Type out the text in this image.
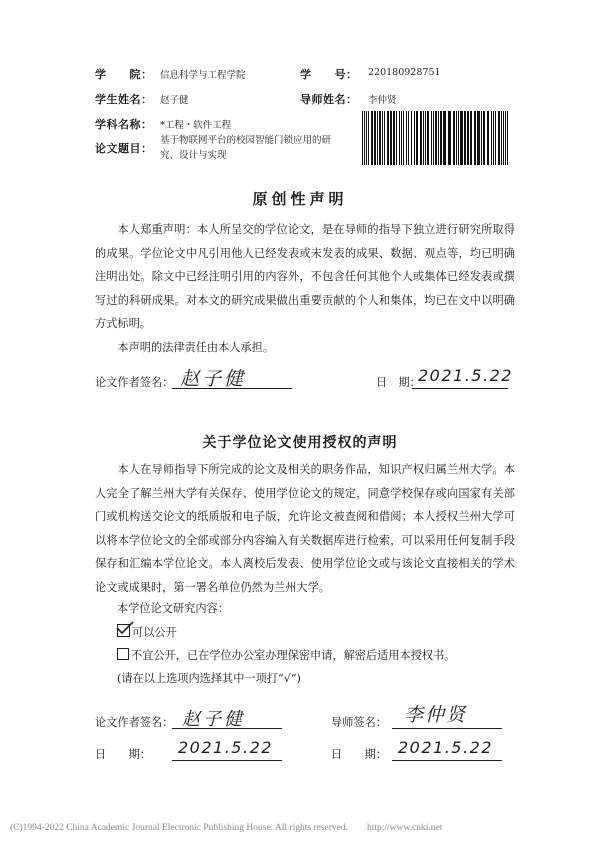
学　　院： 信息科学与工程学院	学　　号： 220180928751
学生姓名： 赵子健	导师姓名： 李仲贤
学科名称： *工程・软件工程
论文题目：
基于物联网平台的校园智能门锁应用的研
究、设计与实现
原创性声明

本人郑重声明：本人所呈交的学位论文，是在导师的指导下独立进行研究所取得的成果。学位论文中凡引用他人已经发表或未发表的成果、数据、观点等，均已明确注明出处。除文中已经注明引用的内容外，不包含任何其他个人或集体已经发表或撰写过的科研成果。对本文的研究成果做出重要贡献的个人和集体，均已在文中以明确方式标明。

本声明的法律责任由本人承担。

论文作者签名： 赵子健	日　期：
2021.5.22
关于学位论文使用授权的声明

本人在导师指导下所完成的论文及相关的职务作品，知识产权归属兰州大学。本人完全了解兰州大学有关保存、使用学位论文的规定，同意学校保存或向国家有关部门或机构送交论文的纸质版和电子版，允许论文被查阅和借阅；本人授权兰州大学可以将本学位论文的全部或部分内容编入有关数据库进行检索，可以采用任何复制手段保存和汇编本学位论文。本人离校后发表、使用学位论文或与该论文直接相关的学术论文或成果时，第一署名单位仍然为兰州大学。

本学位论文研究内容：
可以公开
不宜公开，已在学位办公室办理保密申请，解密后适用本授权书。
(请在以上选项内选择其中一项打“√”)
论文作者签名： 赵子健	导师签名： 李仲贤
日　　期： 2021.5.22	日　　期： 2021.5.22
(C)1994-2022 China Academic Journal Electronic Publishing House. All rights reserved.　　http://www.cnki.net
